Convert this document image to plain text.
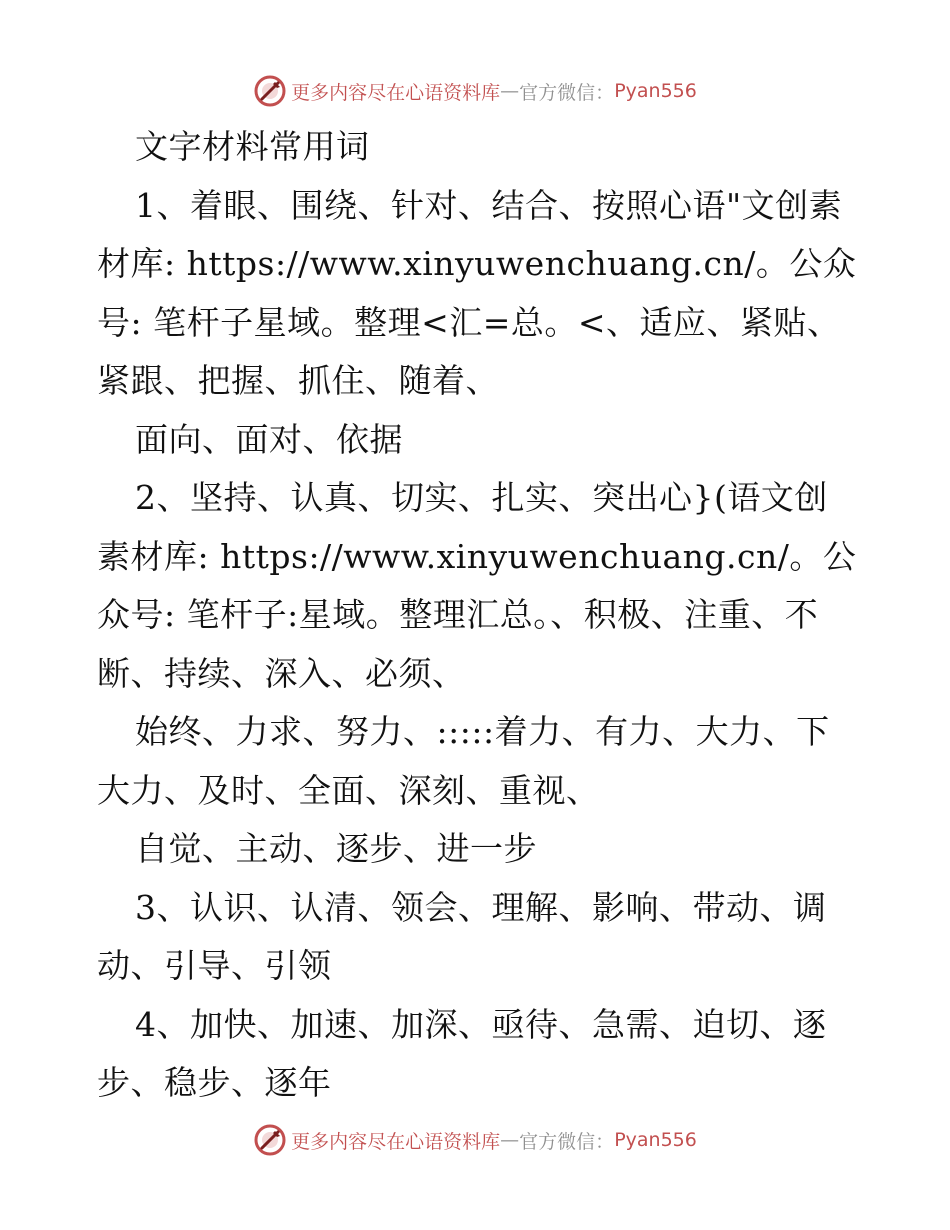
更多内容尽在心语资料库 — 官方微信： Pyan556

文字材料常用词

1、着眼、围绕、针对、结合、按照心语"文创素材库: https://www.xinyuwenchuang.cn/。公众号: 笔杆子星域。整理<汇=总。<、适应、紧贴、紧跟、把握、抓住、随着、

面向、面对、依据

2、坚持、认真、切实、扎实、突出心}(语文创素材库: https://www.xinyuwenchuang.cn/。公众号: 笔杆子:星域。整理汇总。、积极、注重、不断、持续、深入、必须、

始终、力求、努力、:::::着力、有力、大力、下大力、及时、全面、深刻、重视、

自觉、主动、逐步、进一步

3、认识、认清、领会、理解、影响、带动、调动、引导、引领

4、加快、加速、加深、亟待、急需、迫切、逐步、稳步、逐年

更多内容尽在心语资料库 — 官方微信： Pyan556
